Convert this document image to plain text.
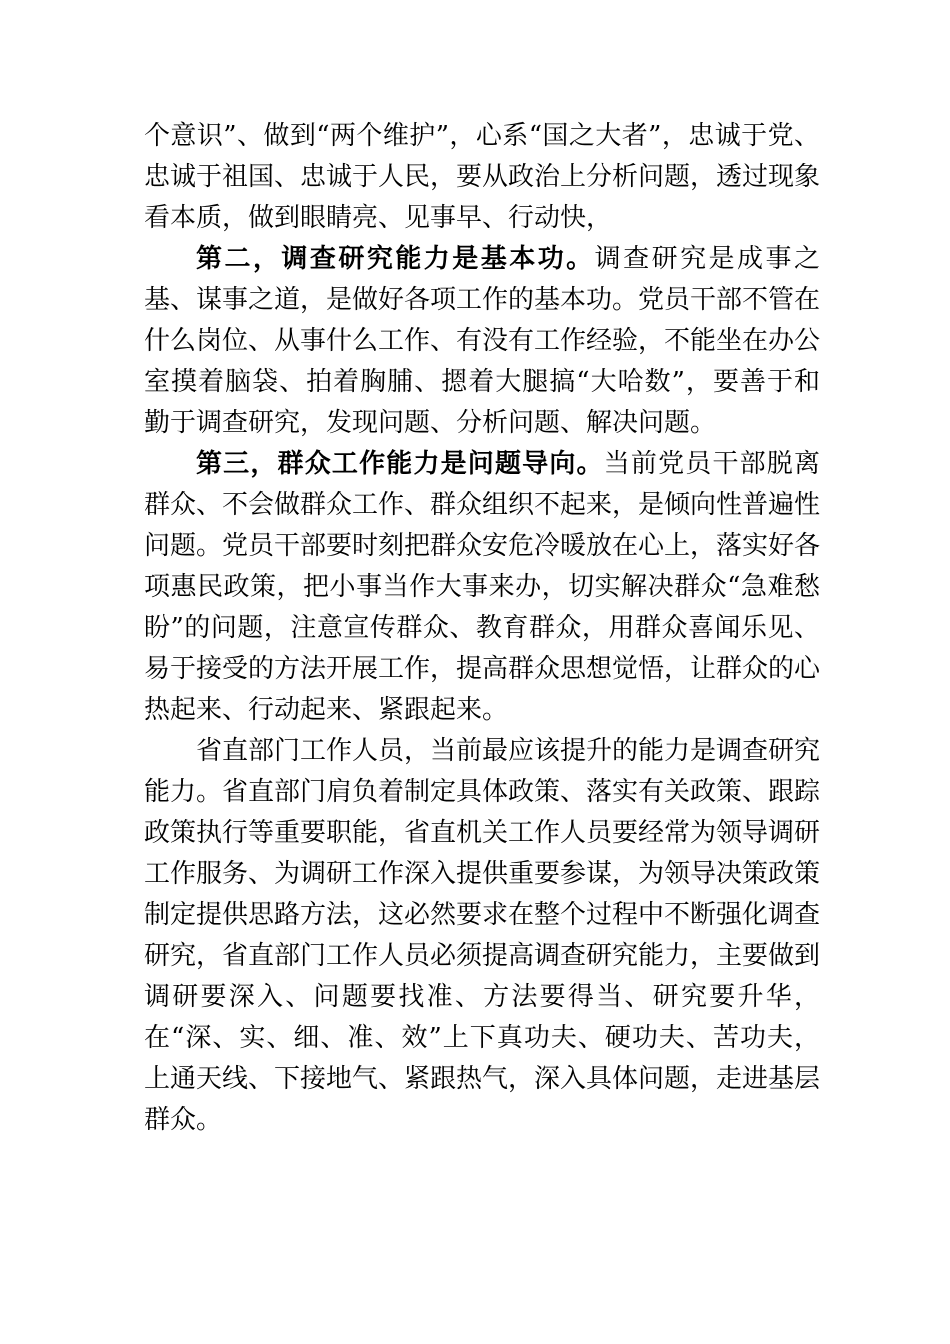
个意识”、做到“两个维护”，心系“国之大者”，忠诚于党、忠诚于祖国、忠诚于人民，要从政治上分析问题，透过现象看本质，做到眼睛亮、见事早、行动快，

第二，调查研究能力是基本功。调查研究是成事之基、谋事之道，是做好各项工作的基本功。党员干部不管在什么岗位、从事什么工作、有没有工作经验，不能坐在办公室摸着脑袋、拍着胸脯、摁着大腿搞“大哈数”，要善于和勤于调查研究，发现问题、分析问题、解决问题。

第三，群众工作能力是问题导向。当前党员干部脱离群众、不会做群众工作、群众组织不起来，是倾向性普遍性问题。党员干部要时刻把群众安危冷暖放在心上，落实好各项惠民政策，把小事当作大事来办，切实解决群众“急难愁盼”的问题，注意宣传群众、教育群众，用群众喜闻乐见、易于接受的方法开展工作，提高群众思想觉悟，让群众的心热起来、行动起来、紧跟起来。

省直部门工作人员，当前最应该提升的能力是调查研究能力。省直部门肩负着制定具体政策、落实有关政策、跟踪政策执行等重要职能，省直机关工作人员要经常为领导调研工作服务、为调研工作深入提供重要参谋，为领导决策政策制定提供思路方法，这必然要求在整个过程中不断强化调查研究，省直部门工作人员必须提高调查研究能力，主要做到调研要深入、问题要找准、方法要得当、研究要升华，在“深、实、细、准、效”上下真功夫、硬功夫、苦功夫，上通天线、下接地气、紧跟热气，深入具体问题，走进基层群众。
